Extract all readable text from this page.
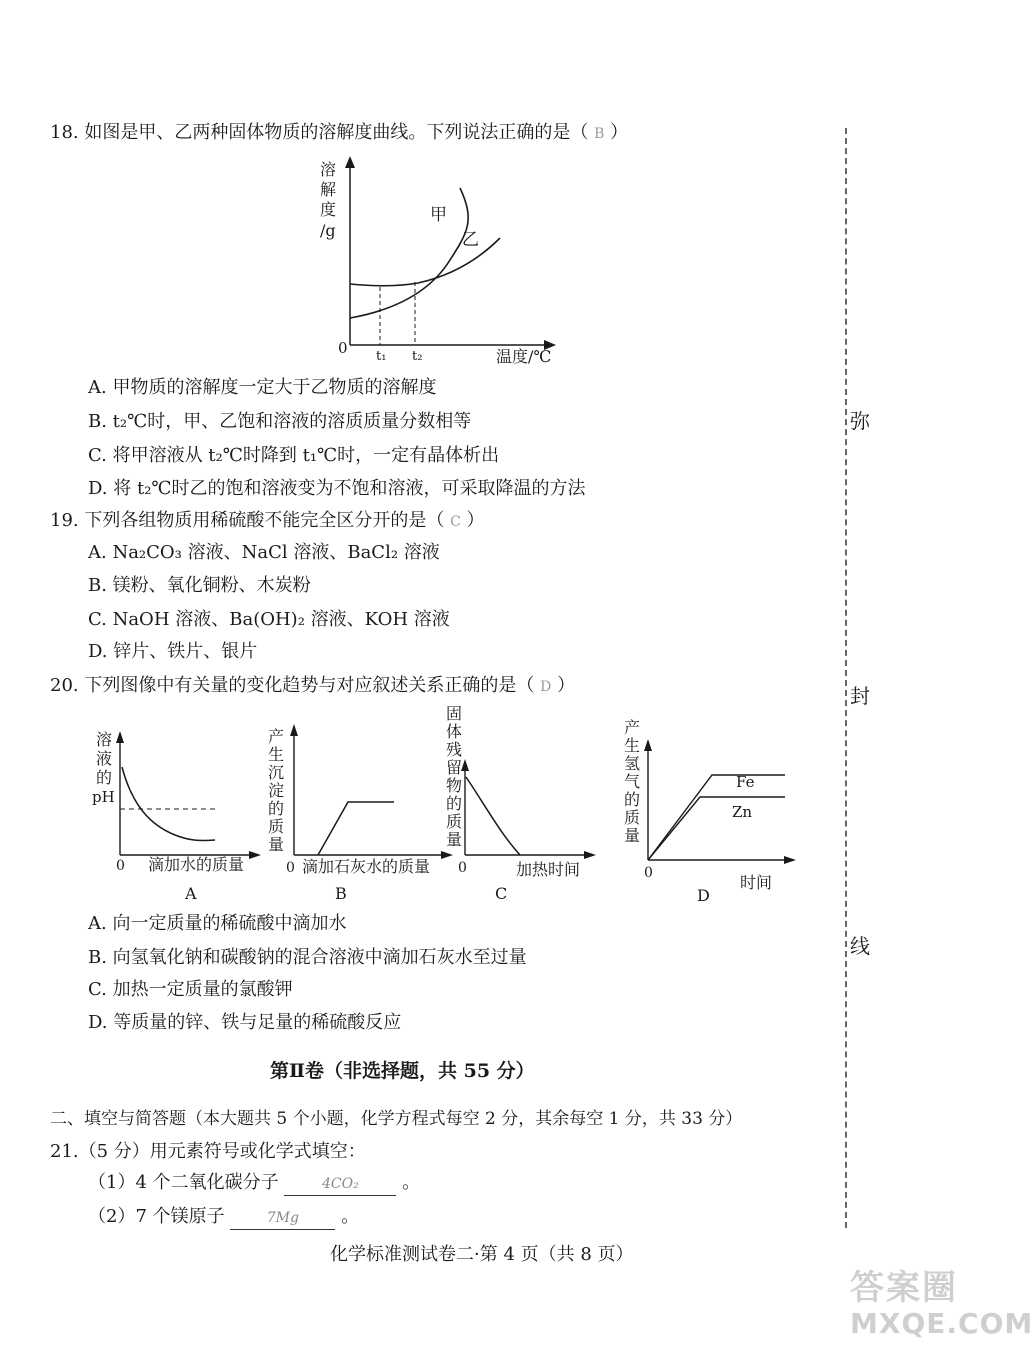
18. 如图是甲、乙两种固体物质的溶解度曲线。下列说法正确的是（ B ）
溶
解
度
/g
0 t₁ t₂
甲
乙
温度/℃
A. 甲物质的溶解度一定大于乙物质的溶解度
B. t₂℃时，甲、乙饱和溶液的溶质质量分数相等
C. 将甲溶液从 t₂℃时降到 t₁℃时，一定有晶体析出
D. 将 t₂℃时乙的饱和溶液变为不饱和溶液，可采取降温的方法
19. 下列各组物质用稀硫酸不能完全区分开的是（ C ）
A. Na₂CO₃ 溶液、NaCl 溶液、BaCl₂ 溶液
B. 镁粉、氧化铜粉、木炭粉
C. NaOH 溶液、Ba(OH)₂ 溶液、KOH 溶液
D. 锌片、铁片、银片
20. 下列图像中有关量的变化趋势与对应叙述关系正确的是（ D ）
溶
液
的
pH
0 滴加水的质量
A
产
生
沉
淀
的
质
量
0 滴加石灰水的质量
B
固
体
残
留
物
的
质
量
0	加热时间
C
产
生
氢
气
的
质
量
Fe
Zn
0	时间
D
A. 向一定质量的稀硫酸中滴加水
B. 向氢氧化钠和碳酸钠的混合溶液中滴加石灰水至过量
C. 加热一定质量的氯酸钾
D. 等质量的锌、铁与足量的稀硫酸反应
第Ⅱ卷（非选择题，共 55 分）
二、填空与简答题（本大题共 5 个小题，化学方程式每空 2 分，其余每空 1 分，共 33 分）
21.（5 分）用元素符号或化学式填空：
（1）4 个二氧化碳分子	4CO₂ 。
（2）7 个镁原子	7Mg 。
弥
封
线
化学标准测试卷二·第 4 页（共 8 页）
答案圈
MXQE.COM
